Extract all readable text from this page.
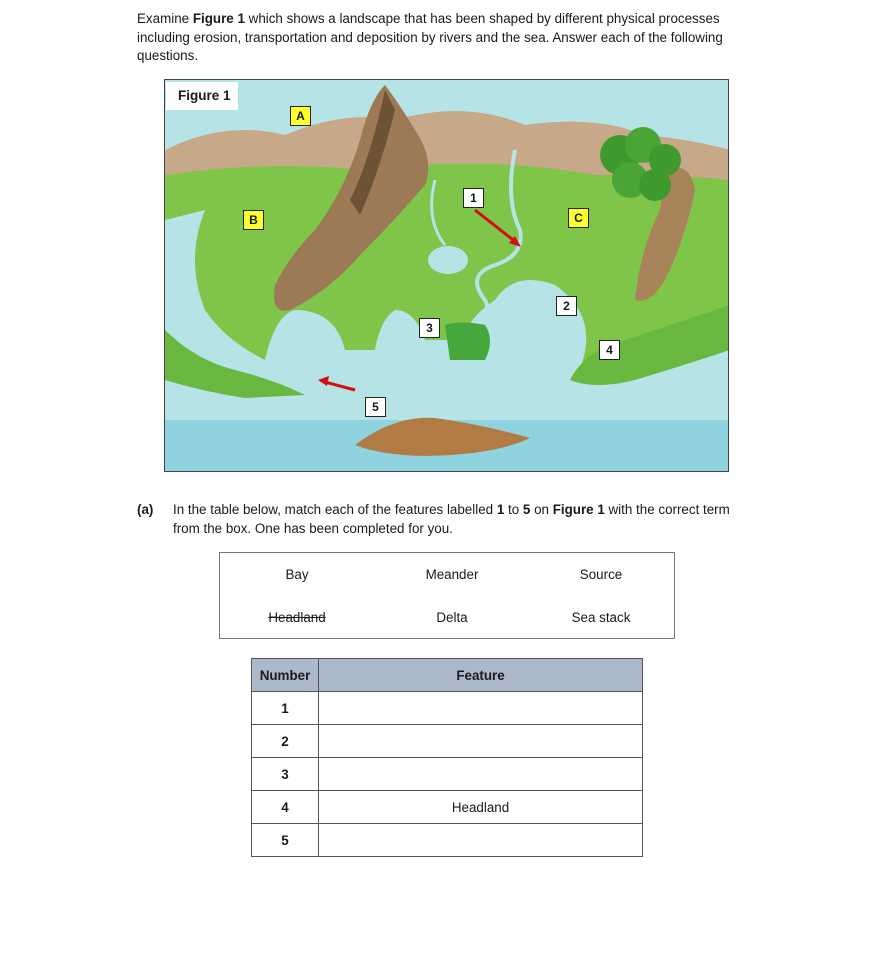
Examine Figure 1 which shows a landscape that has been shaped by different physical processes including erosion, transportation and deposition by rivers and the sea. Answer each of the following questions.
Figure 1
A
B	C
1
2
3
4
5
(a) In the table below, match each of the features labelled 1 to 5 on Figure 1 with the correct term from the box. One has been completed for you.
Bay	Meander	Source
Headland	Delta	Sea stack
Number	Feature
1	
2	
3	
4	Headland
5	
